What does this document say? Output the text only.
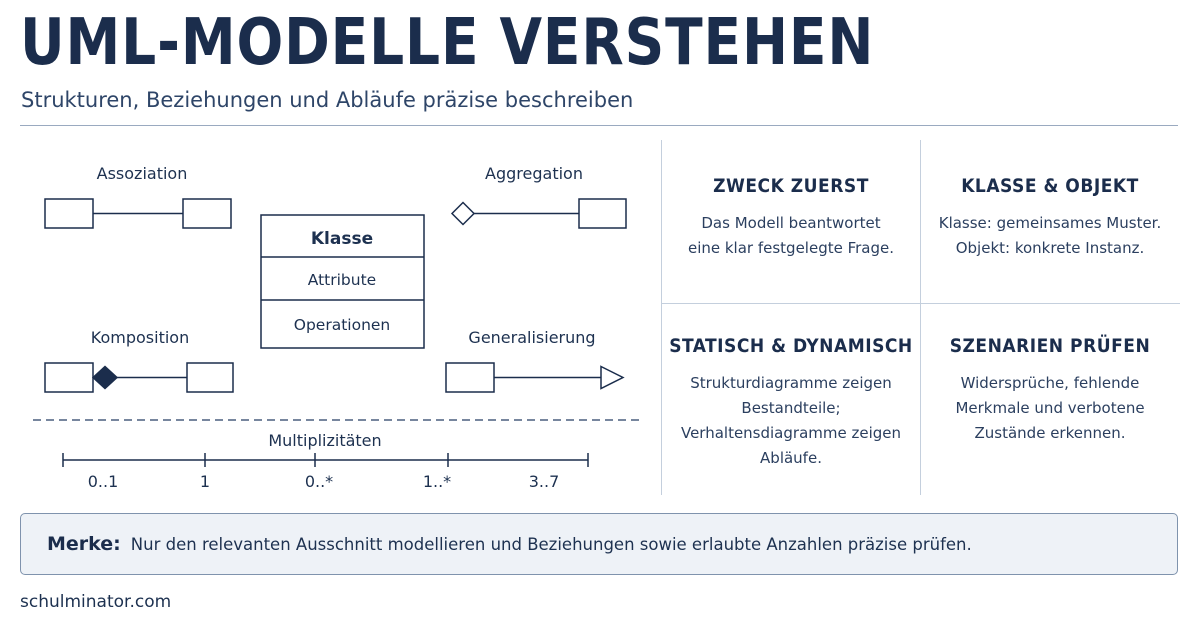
UML-MODELLE VERSTEHEN
Strukturen, Beziehungen und Abläufe präzise beschreiben
Assoziation	Aggregation
Klasse
Attribute
Operationen
Komposition	Generalisierung
Multiplizitäten
0..1	1	0..*	1..*	3..7
ZWECK ZUERST

Das Modell beantwortet
eine klar festgelegte Frage.

KLASSE & OBJEKT

Klasse: gemeinsames Muster.
Objekt: konkrete Instanz.

STATISCH & DYNAMISCH

Strukturdiagramme zeigen
Bestandteile;
Verhaltensdiagramme zeigen
Abläufe.

SZENARIEN PRÜFEN

Widersprüche, fehlende
Merkmale und verbotene
Zustände erkennen.

Merke: Nur den relevanten Ausschnitt modellieren und Beziehungen sowie erlaubte Anzahlen präzise prüfen.
schulminator.com
